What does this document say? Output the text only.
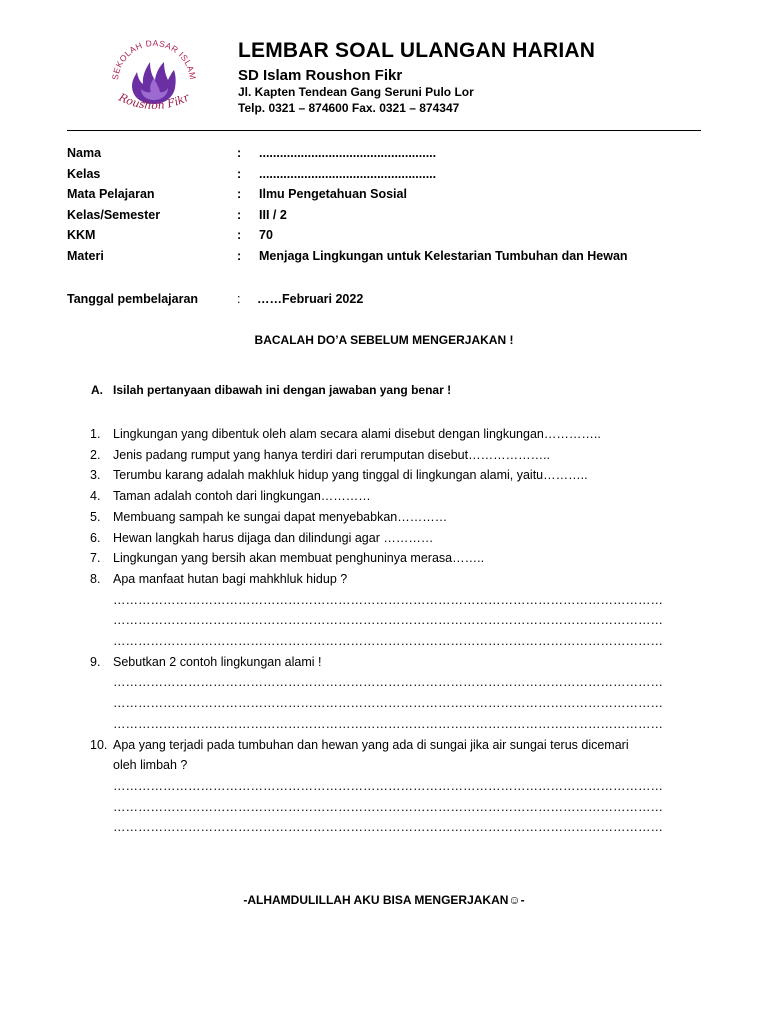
SEKOLAH DASAR ISLAM
Roushon Fikr
LEMBAR SOAL ULANGAN HARIAN
SD Islam Roushon Fikr
Jl. Kapten Tendean Gang Seruni Pulo Lor
Telp. 0321 – 874600 Fax. 0321 – 874347
Nama	: ...................................................
Kelas	: ...................................................
Mata Pelajaran	: Ilmu Pengetahuan Sosial
Kelas/Semester	: III / 2
KKM	: 70
Materi	: Menjaga Lingkungan untuk Kelestarian Tumbuhan dan Hewan
Tanggal pembelajaran	: ……Februari 2022
BACALAH DO’A SEBELUM MENGERJAKAN !
A. Isilah pertanyaan dibawah ini dengan jawaban yang benar !
1. Lingkungan yang dibentuk oleh alam secara alami disebut dengan lingkungan…………..
2. Jenis padang rumput yang hanya terdiri dari rerumputan disebut………………..
3. Terumbu karang adalah makhluk hidup yang tinggal di lingkungan alami, yaitu………..
4. Taman adalah contoh dari lingkungan…………
5. Membuang sampah ke sungai dapat menyebabkan…………
6. Hewan langkah harus dijaga dan dilindungi agar …………
7. Lingkungan yang bersih akan membuat penghuninya merasa……..
8. Apa manfaat hutan bagi mahkhluk hidup ?
……………………………………………………………………………………………………………………
……………………………………………………………………………………………………………………
……………………………………………………………………………………………………………………
9. Sebutkan 2 contoh lingkungan alami !
……………………………………………………………………………………………………………………
……………………………………………………………………………………………………………………
……………………………………………………………………………………………………………………
10. Apa yang terjadi pada tumbuhan dan hewan yang ada di sungai jika air sungai terus dicemari
oleh limbah ?
……………………………………………………………………………………………………………………
……………………………………………………………………………………………………………………
……………………………………………………………………………………………………………………
-ALHAMDULILLAH AKU BISA MENGERJAKAN☺-
